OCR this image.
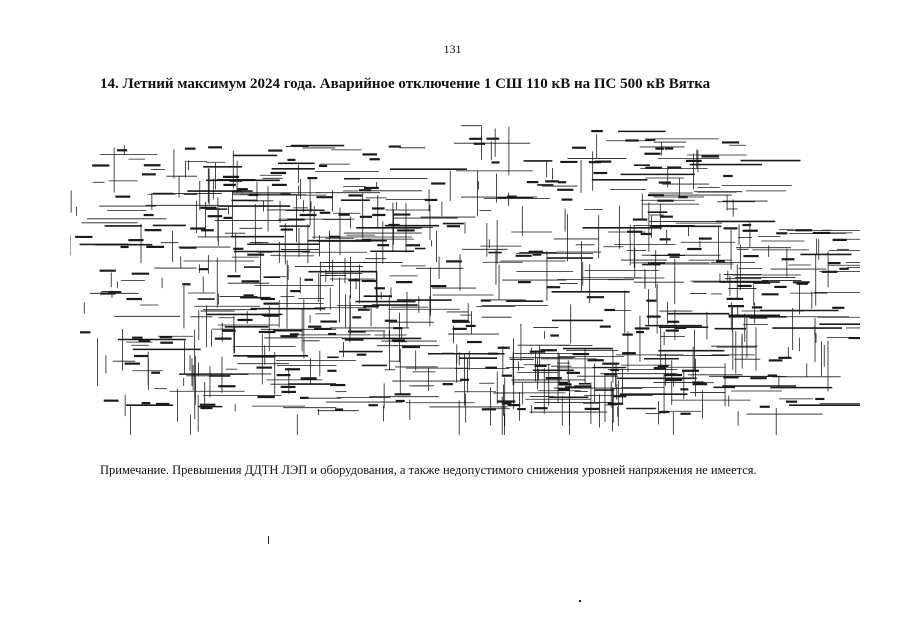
131
14. Летний максимум 2024 года. Аварийное отключение 1 СШ 110 кВ на ПС 500 кВ Вятка
Примечание. Превышения ДДТН ЛЭП и оборудования, а также недопустимого снижения уровней напряжения не имеется.
